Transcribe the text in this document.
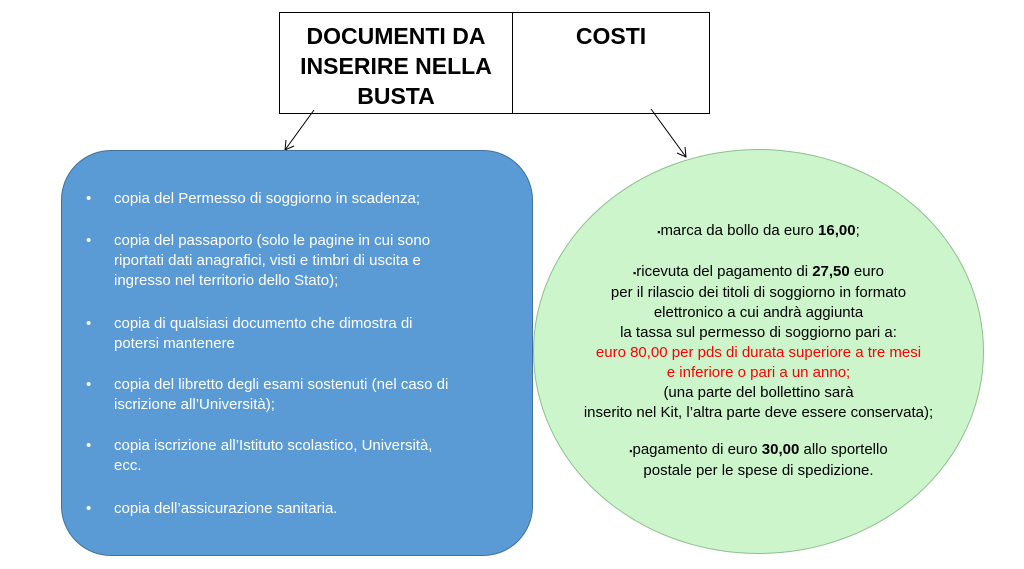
DOCUMENTI DA
INSERIRE NELLA
BUSTA
COSTI
• copia del Permesso di soggiorno in scadenza;
• copia del passaporto (solo le pagine in cui sono
riportati dati anagrafici, visti e timbri di uscita e
ingresso nel territorio dello Stato);
• copia di qualsiasi documento che dimostra di
potersi mantenere
• copia del libretto degli esami sostenuti (nel caso di
iscrizione all’Università);
• copia iscrizione all’Istituto scolastico, Università,
ecc.
• copia dell’assicurazione sanitaria.
▪marca da bollo da euro 16,00;
▪ricevuta del pagamento di 27,50 euro
per il rilascio dei titoli di soggiorno in formato
elettronico a cui andrà aggiunta
la tassa sul permesso di soggiorno pari a:
euro 80,00 per pds di durata superiore a tre mesi
e inferiore o pari a un anno;
(una parte del bollettino sarà
inserito nel Kit, l’altra parte deve essere conservata);
▪pagamento di euro 30,00 allo sportello
postale per le spese di spedizione.
